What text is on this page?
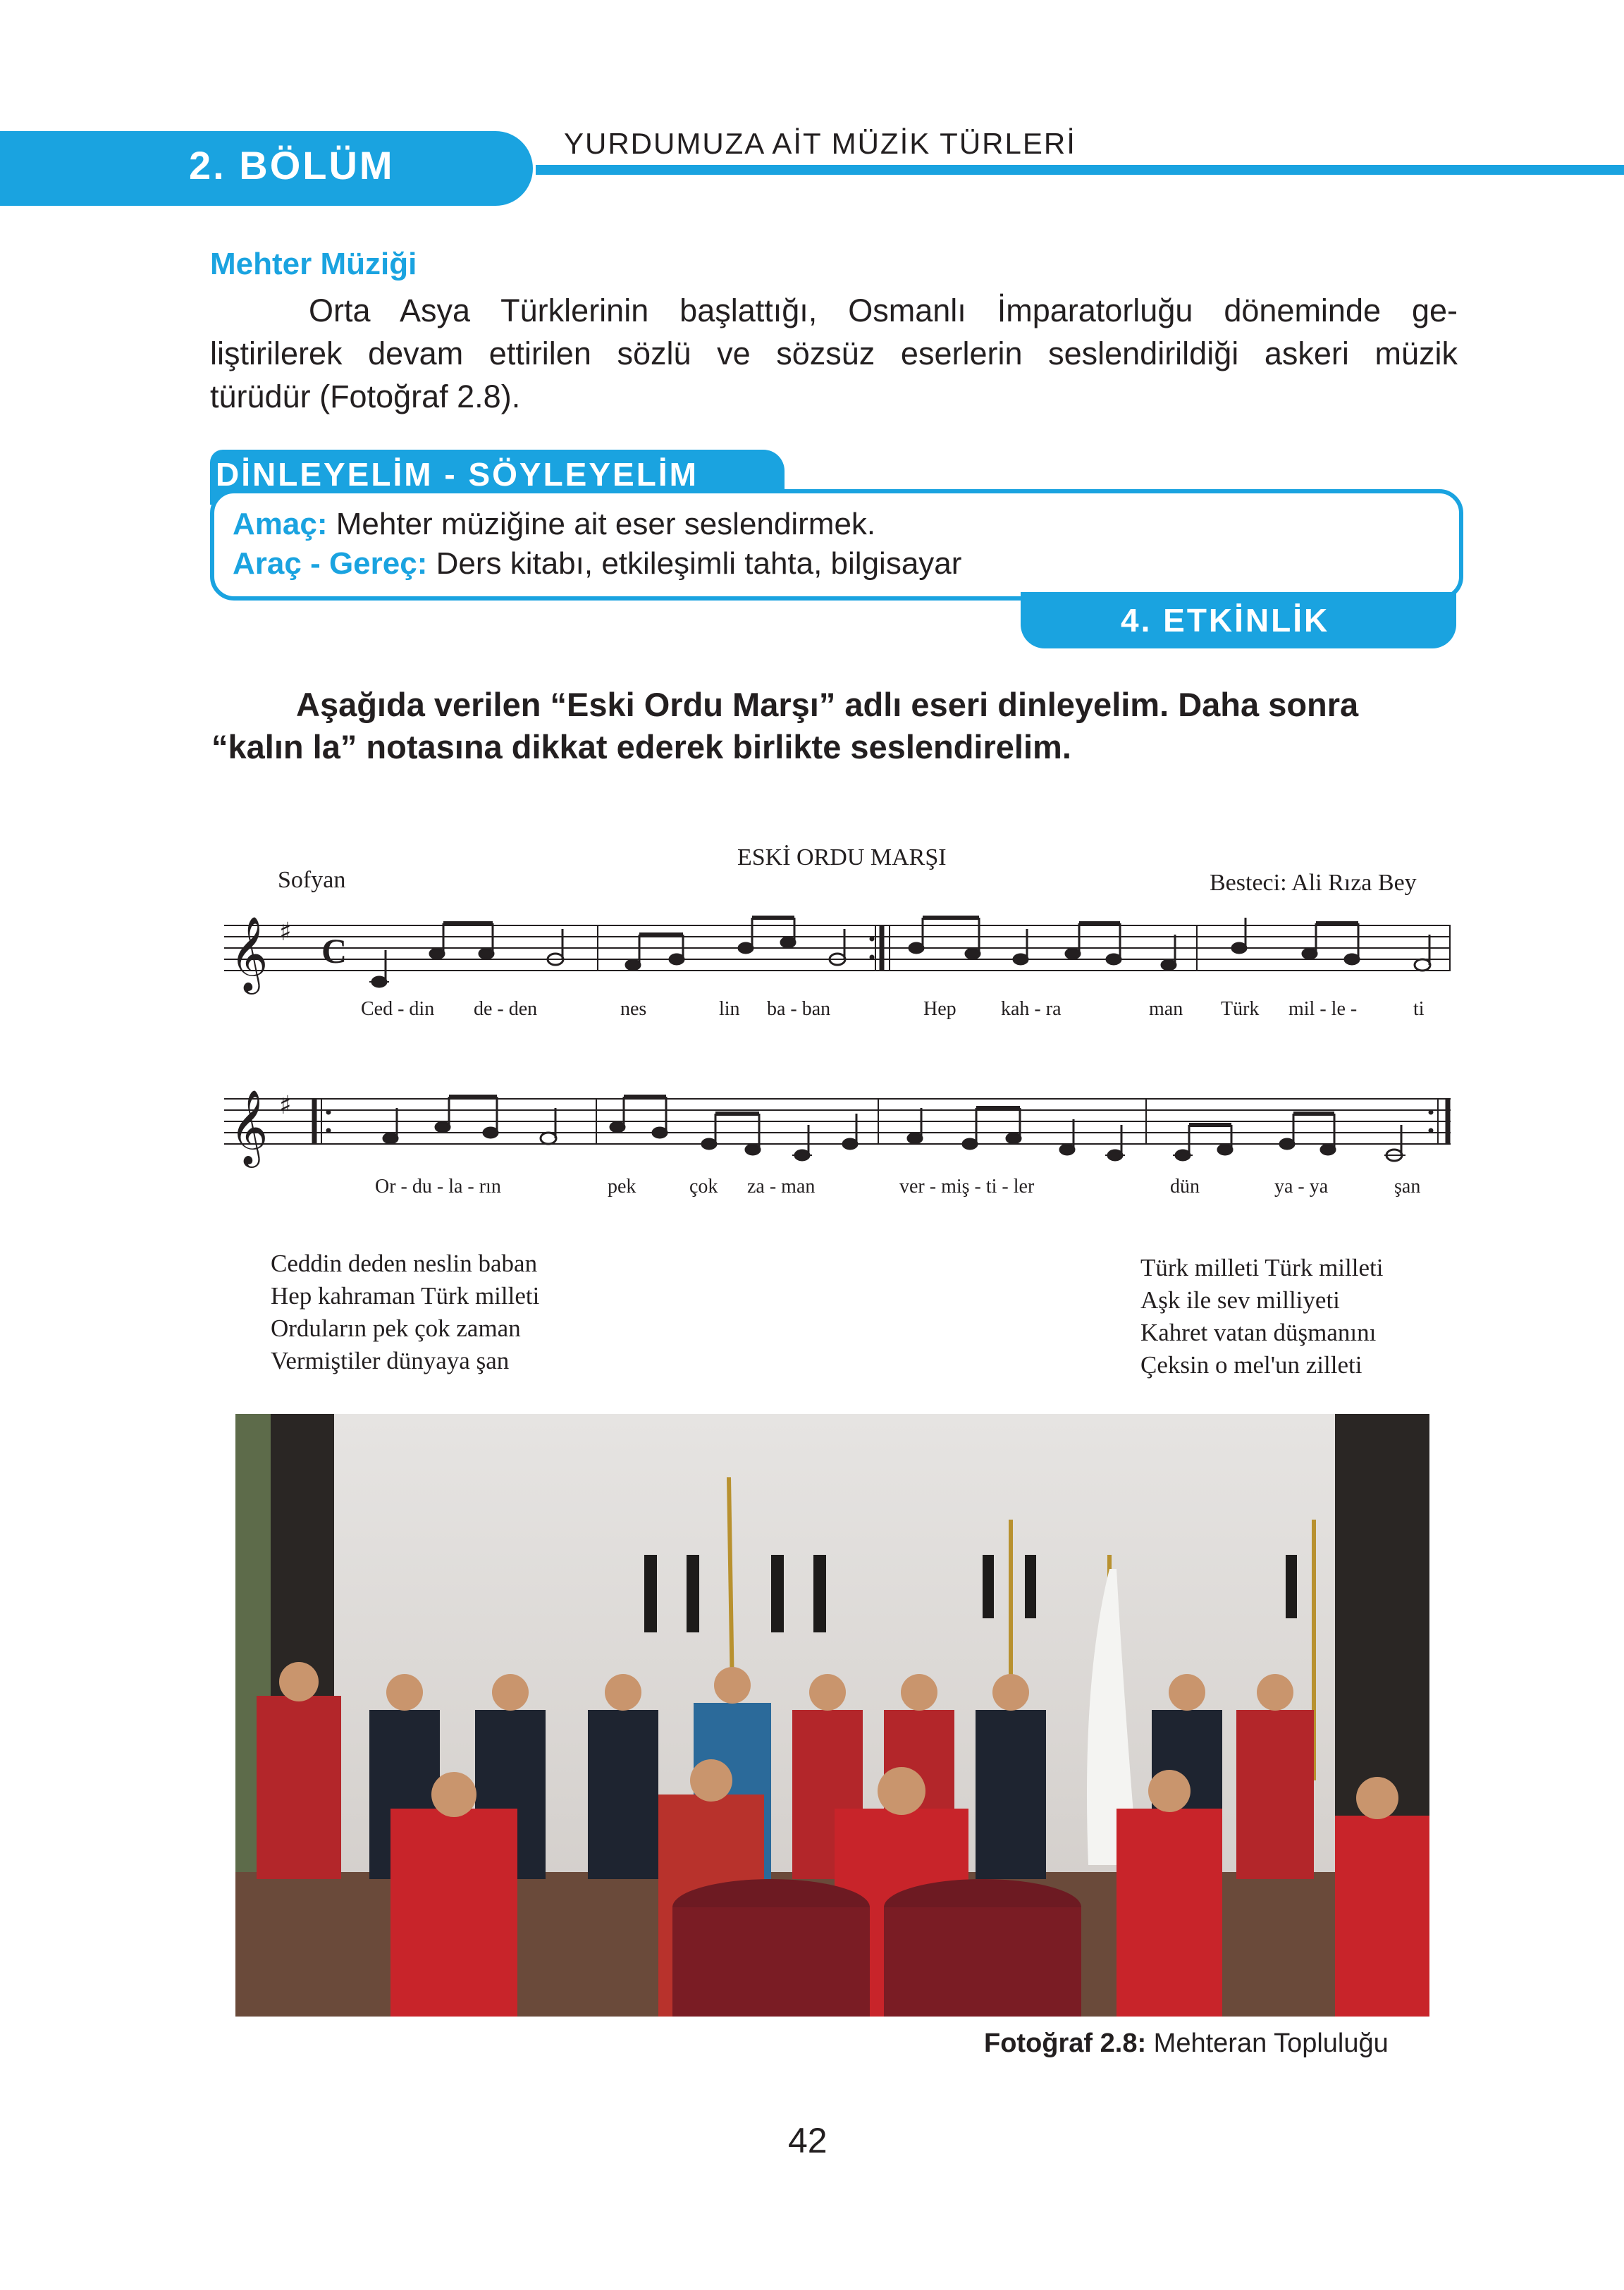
2. BÖLÜM	YURDUMUZA AİT MÜZİK TÜRLERİ
Mehter Müziği
Orta Asya Türklerinin başlattığı, Osmanlı İmparatorluğu döneminde ge-
liştirilerek devam ettirilen sözlü ve sözsüz eserlerin seslendirildiği askeri müzik
türüdür (Fotoğraf 2.8).
DİNLEYELİM - SÖYLEYELİM
Amaç: Mehter müziğine ait eser seslendirmek.
Araç - Gereç: Ders kitabı, etkileşimli tahta, bilgisayar
4. ETKİNLİK
Aşağıda verilen “Eski Ordu Marşı” adlı eseri dinleyelim. Daha sonra
“kalın la” notasına dikkat ederek birlikte seslendirelim.
ESKİ ORDU MARŞI
Sofyan	Besteci: Ali Rıza Bey
𝄞 ♯ C
Ced - din de - den	nes	lin ba - ban	Hep kah - ra	man Türk mil - le -	ti
𝄞 ♯
Or - du - la - rın	pek	çok za - man	ver - miş - ti - ler	dün	ya - ya	şan
Ceddin deden neslin baban
Hep kahraman Türk milleti
Orduların pek çok zaman
Vermiştiler dünyaya şan
Türk milleti Türk milleti
Aşk ile sev milliyeti
Kahret vatan düşmanını
Çeksin o mel'un zilleti
Fotoğraf 2.8: Mehteran Topluluğu
42
